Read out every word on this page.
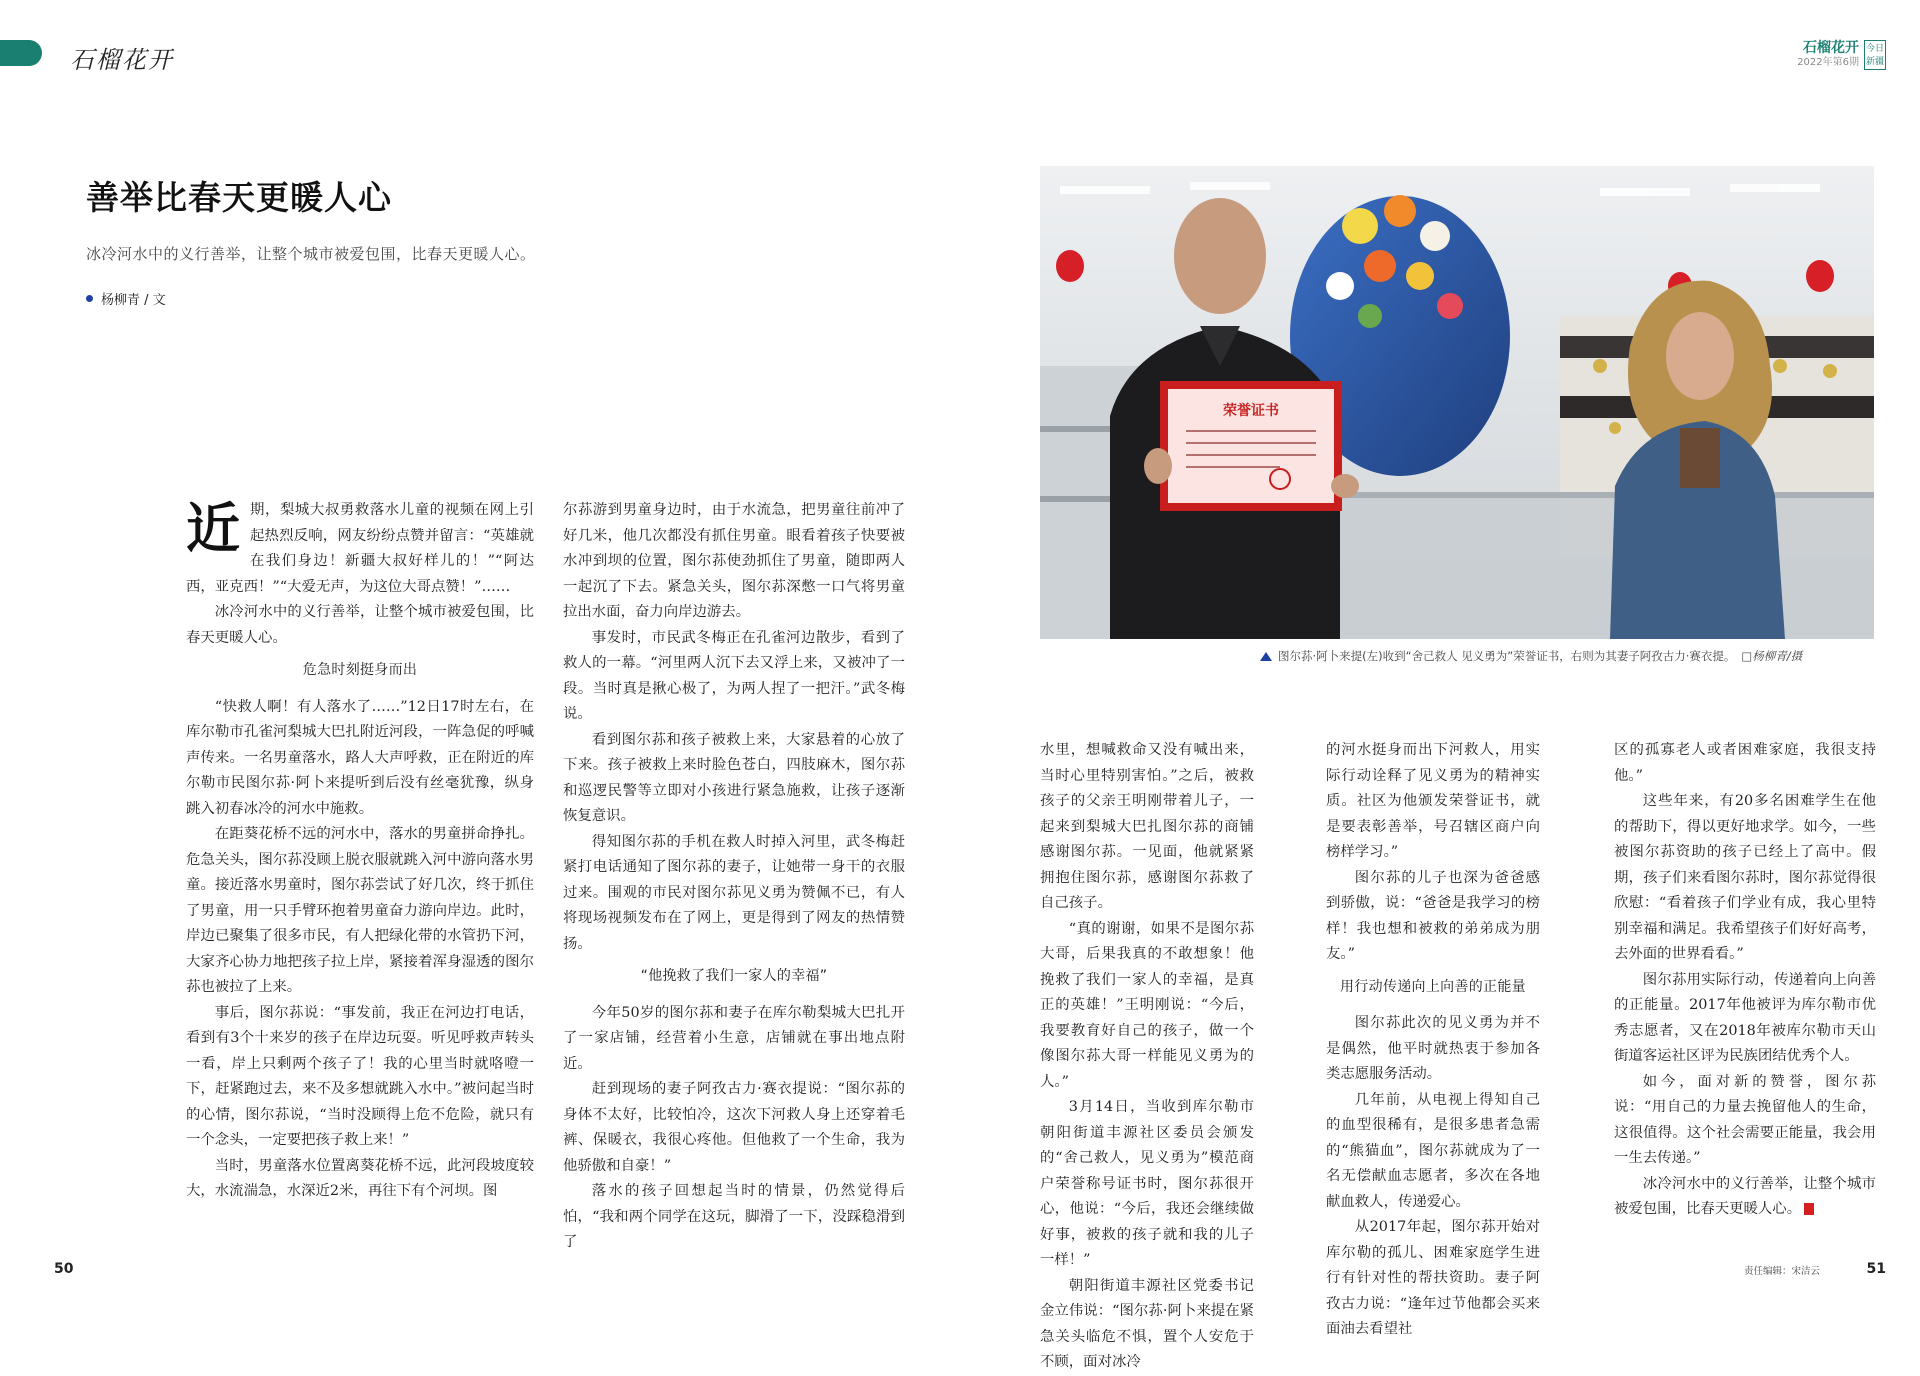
石榴花开
善举比春天更暖人心
冰冷河水中的义行善举，让整个城市被爱包围，比春天更暖人心。
杨柳青 / 文

近期，梨城大叔勇救落水儿童的视频在网上引起热烈反响，网友纷纷点赞并留言：“英雄就在我们身边！新疆大叔好样儿的！”“阿达西，亚克西！”“大爱无声，为这位大哥点赞！”……

冰冷河水中的义行善举，让整个城市被爱包围，比春天更暖人心。

危急时刻挺身而出

“快救人啊！有人落水了……”12日17时左右，在库尔勒市孔雀河梨城大巴扎附近河段，一阵急促的呼喊声传来。一名男童落水，路人大声呼救，正在附近的库尔勒市民图尔荪·阿卜来提听到后没有丝毫犹豫，纵身跳入初春冰冷的河水中施救。

在距葵花桥不远的河水中，落水的男童拼命挣扎。危急关头，图尔荪没顾上脱衣服就跳入河中游向落水男童。接近落水男童时，图尔荪尝试了好几次，终于抓住了男童，用一只手臂环抱着男童奋力游向岸边。此时，岸边已聚集了很多市民，有人把绿化带的水管扔下河，大家齐心协力地把孩子拉上岸，紧接着浑身湿透的图尔荪也被拉了上来。

事后，图尔荪说：“事发前，我正在河边打电话，看到有3个十来岁的孩子在岸边玩耍。听见呼救声转头一看，岸上只剩两个孩子了！我的心里当时就咯噔一下，赶紧跑过去，来不及多想就跳入水中。”被问起当时的心情，图尔荪说，“当时没顾得上危不危险，就只有一个念头，一定要把孩子救上来！”

当时，男童落水位置离葵花桥不远，此河段坡度较大，水流湍急，水深近2米，再往下有个河坝。图

尔荪游到男童身边时，由于水流急，把男童往前冲了好几米，他几次都没有抓住男童。眼看着孩子快要被水冲到坝的位置，图尔荪使劲抓住了男童，随即两人一起沉了下去。紧急关头，图尔荪深憋一口气将男童拉出水面，奋力向岸边游去。

事发时，市民武冬梅正在孔雀河边散步，看到了救人的一幕。“河里两人沉下去又浮上来，又被冲了一段。当时真是揪心极了，为两人捏了一把汗。”武冬梅说。

看到图尔荪和孩子被救上来，大家悬着的心放了下来。孩子被救上来时脸色苍白，四肢麻木，图尔荪和巡逻民警等立即对小孩进行紧急施救，让孩子逐渐恢复意识。

得知图尔荪的手机在救人时掉入河里，武冬梅赶紧打电话通知了图尔荪的妻子，让她带一身干的衣服过来。围观的市民对图尔荪见义勇为赞佩不已，有人将现场视频发布在了网上，更是得到了网友的热情赞扬。

“他挽救了我们一家人的幸福”

今年50岁的图尔荪和妻子在库尔勒梨城大巴扎开了一家店铺，经营着小生意，店铺就在事出地点附近。

赶到现场的妻子阿孜古力·赛衣提说：“图尔荪的身体不太好，比较怕冷，这次下河救人身上还穿着毛裤、保暖衣，我很心疼他。但他救了一个生命，我为他骄傲和自豪！”

落水的孩子回想起当时的情景，仍然觉得后怕，“我和两个同学在这玩，脚滑了一下，没踩稳滑到了

50
石榴花开
2022年第6期
今日新疆
荣誉证书
图尔荪·阿卜来提(左)收到“舍己救人 见义勇为”荣誉证书，右则为其妻子阿孜古力·赛衣提。 □杨柳青/摄

水里，想喊救命又没有喊出来，当时心里特别害怕。”之后，被救孩子的父亲王明刚带着儿子，一起来到梨城大巴扎图尔荪的商铺感谢图尔荪。一见面，他就紧紧拥抱住图尔荪，感谢图尔荪救了自己孩子。

“真的谢谢，如果不是图尔荪大哥，后果我真的不敢想象！他挽救了我们一家人的幸福，是真正的英雄！”王明刚说：“今后，我要教育好自己的孩子，做一个像图尔荪大哥一样能见义勇为的人。”

3月14日，当收到库尔勒市朝阳街道丰源社区委员会颁发的“舍己救人，见义勇为”模范商户荣誉称号证书时，图尔荪很开心，他说：“今后，我还会继续做好事，被救的孩子就和我的儿子一样！”

朝阳街道丰源社区党委书记金立伟说：“图尔荪·阿卜来提在紧急关头临危不惧，置个人安危于不顾，面对冰冷

的河水挺身而出下河救人，用实际行动诠释了见义勇为的精神实质。社区为他颁发荣誉证书，就是要表彰善举，号召辖区商户向榜样学习。”

图尔荪的儿子也深为爸爸感到骄傲，说：“爸爸是我学习的榜样！我也想和被救的弟弟成为朋友。”

用行动传递向上向善的正能量

图尔荪此次的见义勇为并不是偶然，他平时就热衷于参加各类志愿服务活动。

几年前，从电视上得知自己的血型很稀有，是很多患者急需的“熊猫血”，图尔荪就成为了一名无偿献血志愿者，多次在各地献血救人，传递爱心。

从2017年起，图尔荪开始对库尔勒的孤儿、困难家庭学生进行有针对性的帮扶资助。妻子阿孜古力说：“逢年过节他都会买来面油去看望社

区的孤寡老人或者困难家庭，我很支持他。”

这些年来，有20多名困难学生在他的帮助下，得以更好地求学。如今，一些被图尔荪资助的孩子已经上了高中。假期，孩子们来看图尔荪时，图尔荪觉得很欣慰：“看着孩子们学业有成，我心里特别幸福和满足。我希望孩子们好好高考，去外面的世界看看。”

图尔荪用实际行动，传递着向上向善的正能量。2017年他被评为库尔勒市优秀志愿者，又在2018年被库尔勒市天山街道客运社区评为民族团结优秀个人。

如今，面对新的赞誉，图尔荪说：“用自己的力量去挽留他人的生命，这很值得。这个社会需要正能量，我会用一生去传递。”

冰冷河水中的义行善举，让整个城市被爱包围，比春天更暖人心。

责任编辑：宋洁云	51
